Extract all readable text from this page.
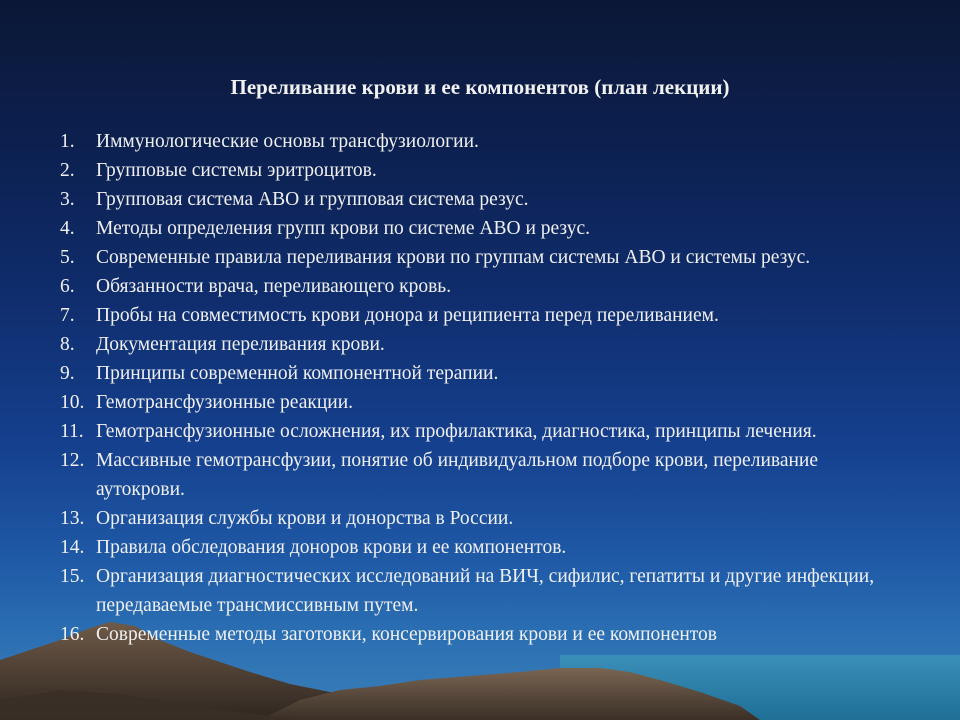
Переливание крови и ее компонентов (план лекции)
1.	Иммунологические основы трансфузиологии.
2.	Групповые системы эритроцитов.
3.	Групповая система АВО и групповая система резус.
4.	Методы определения групп крови по системе АВО и резус.
5.	Современные правила переливания крови по группам системы АВО и системы резус.
6.	Обязанности врача, переливающего кровь.
7.	Пробы на совместимость крови донора и реципиента перед переливанием.
8.	Документация переливания крови.
9.	Принципы современной компонентной терапии.
10. Гемотрансфузионные реакции.
11. Гемотрансфузионные осложнения, их профилактика, диагностика, принципы лечения.
12. Массивные гемотрансфузии, понятие об индивидуальном подборе крови, переливание аутокрови.
13. Организация службы крови и донорства в России.
14. Правила обследования доноров крови и ее компонентов.
15. Организация диагностических исследований на ВИЧ, сифилис, гепатиты и другие инфекции, передаваемые трансмиссивным путем.
16. Современные методы заготовки, консервирования крови и ее компонентов
